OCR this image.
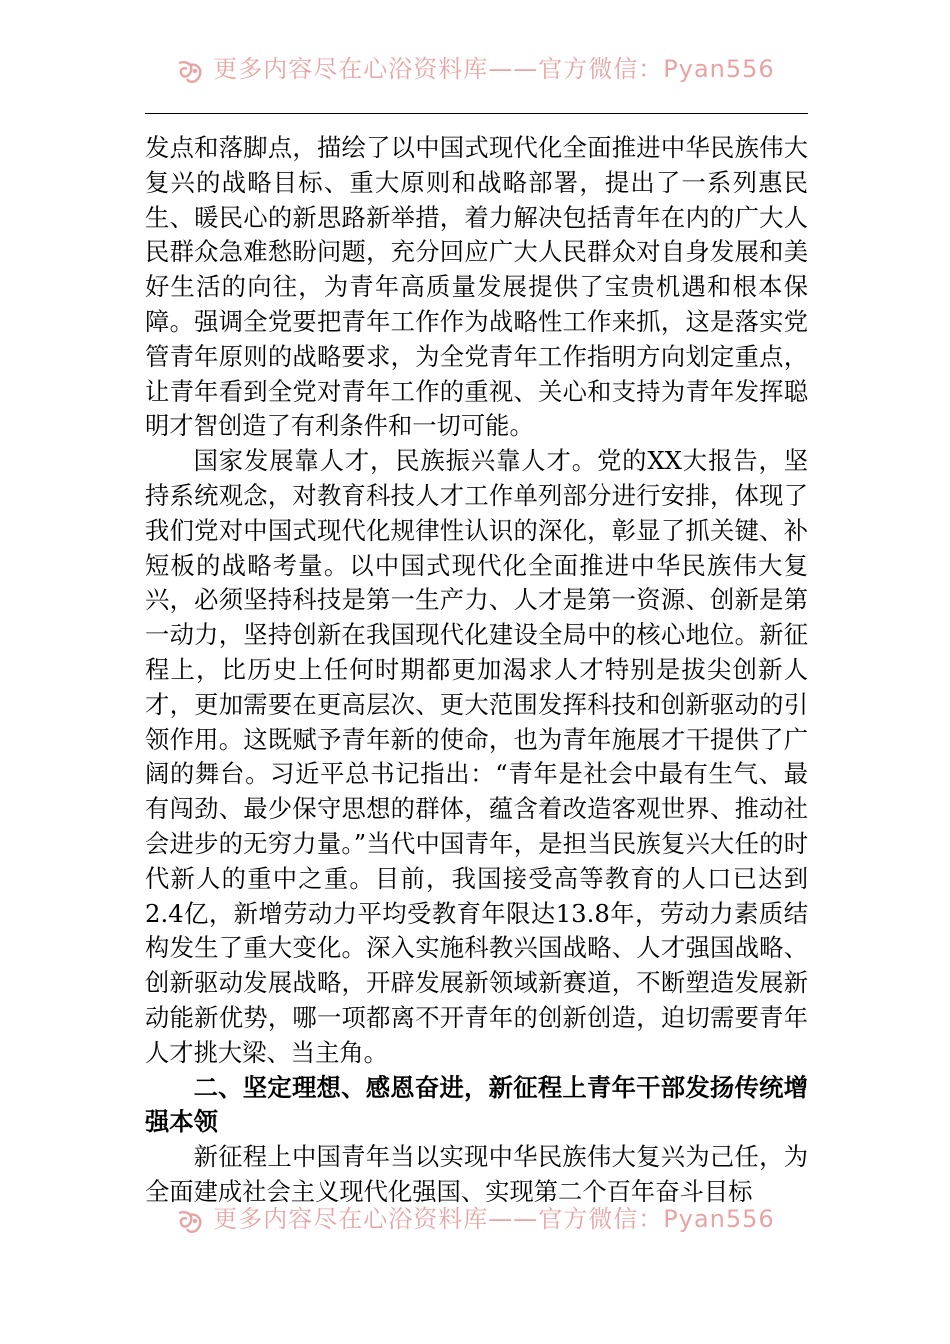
更多内容尽在心浴资料库——官方微信：Pyan556

发点和落脚点，描绘了以中国式现代化全面推进中华民族伟大复兴的战略目标、重大原则和战略部署，提出了一系列惠民生、暖民心的新思路新举措，着力解决包括青年在内的广大人民群众急难愁盼问题，充分回应广大人民群众对自身发展和美好生活的向往，为青年高质量发展提供了宝贵机遇和根本保障。强调全党要把青年工作作为战略性工作来抓，这是落实党管青年原则的战略要求，为全党青年工作指明方向划定重点，让青年看到全党对青年工作的重视、关心和支持为青年发挥聪明才智创造了有利条件和一切可能。

国家发展靠人才，民族振兴靠人才。党的XX大报告，坚持系统观念，对教育科技人才工作单列部分进行安排，体现了我们党对中国式现代化规律性认识的深化，彰显了抓关键、补短板的战略考量。以中国式现代化全面推进中华民族伟大复兴，必须坚持科技是第一生产力、人才是第一资源、创新是第一动力，坚持创新在我国现代化建设全局中的核心地位。新征程上，比历史上任何时期都更加渴求人才特别是拔尖创新人才，更加需要在更高层次、更大范围发挥科技和创新驱动的引领作用。这既赋予青年新的使命，也为青年施展才干提供了广阔的舞台。习近平总书记指出：“青年是社会中最有生气、最有闯劲、最少保守思想的群体，蕴含着改造客观世界、推动社会进步的无穷力量。”当代中国青年，是担当民族复兴大任的时代新人的重中之重。目前，我国接受高等教育的人口已达到2.4亿，新增劳动力平均受教育年限达13.8年，劳动力素质结构发生了重大变化。深入实施科教兴国战略、人才强国战略、创新驱动发展战略，开辟发展新领域新赛道，不断塑造发展新动能新优势，哪一项都离不开青年的创新创造，迫切需要青年人才挑大梁、当主角。

二、坚定理想、感恩奋进，新征程上青年干部发扬传统增强本领

新征程上中国青年当以实现中华民族伟大复兴为己任，为全面建成社会主义现代化强国、实现第二个百年奋斗目标

更多内容尽在心浴资料库——官方微信：Pyan556
